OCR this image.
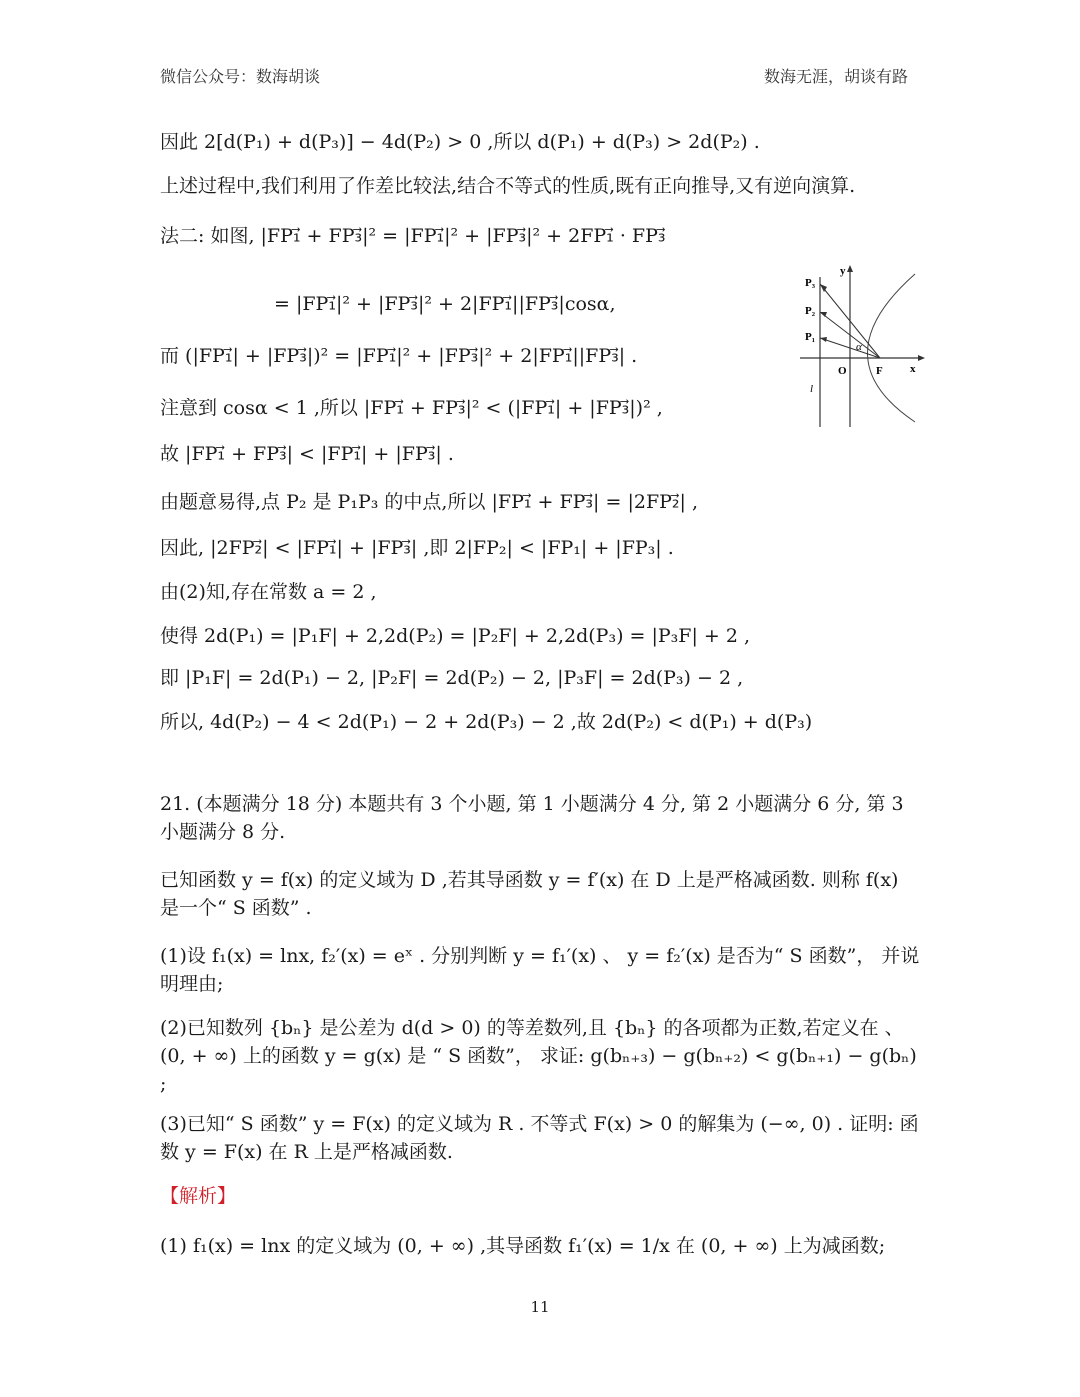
微信公众号：数海胡谈	数海无涯，胡谈有路
因此 2[d(P₁) + d(P₃)] − 4d(P₂) > 0 ,所以 d(P₁) + d(P₃) > 2d(P₂) .
上述过程中,我们利用了作差比较法,结合不等式的性质,既有正向推导,又有逆向演算.
法二: 如图, |FP₁⃗ + FP₃⃗|² = |FP₁⃗|² + |FP₃⃗|² + 2FP₁⃗ · FP₃⃗
= |FP₁⃗|² + |FP₃⃗|² + 2|FP₁⃗||FP₃⃗|cosα,
而 (|FP₁⃗| + |FP₃⃗|)² = |FP₁⃗|² + |FP₃⃗|² + 2|FP₁⃗||FP₃⃗| .
注意到 cosα < 1 ,所以 |FP₁⃗ + FP₃⃗|² < (|FP₁⃗| + |FP₃⃗|)² ,
故 |FP₁⃗ + FP₃⃗| < |FP₁⃗| + |FP₃⃗| .
由题意易得,点 P₂ 是 P₁P₃ 的中点,所以 |FP₁⃗ + FP₃⃗| = |2FP₂⃗| ,
因此, |2FP₂⃗| < |FP₁⃗| + |FP₃⃗| ,即 2|FP₂| < |FP₁| + |FP₃| .
由(2)知,存在常数 a = 2 ,
使得 2d(P₁) = |P₁F| + 2,2d(P₂) = |P₂F| + 2,2d(P₃) = |P₃F| + 2 ,
即 |P₁F| = 2d(P₁) − 2, |P₂F| = 2d(P₂) − 2, |P₃F| = 2d(P₃) − 2 ,
所以, 4d(P₂) − 4 < 2d(P₁) − 2 + 2d(P₃) − 2 ,故 2d(P₂) < d(P₁) + d(P₃)
P₃
P₂
P₁
y
α
O	F x
l
21. (本题满分 18 分) 本题共有 3 个小题, 第 1 小题满分 4 分, 第 2 小题满分 6 分, 第 3 小题满分 8 分.
已知函数 y = f(x) 的定义域为 D ,若其导函数 y = f′(x) 在 D 上是严格减函数. 则称 f(x) 是一个“ S 函数” .
(1)设 f₁(x) = lnx, f₂′(x) = eˣ . 分别判断 y = f₁′(x) 、 y = f₂′(x) 是否为“ S 函数”， 并说明理由;
(2)已知数列 {bₙ} 是公差为 d(d > 0) 的等差数列,且 {bₙ} 的各项都为正数,若定义在 、(0, + ∞) 上的函数 y = g(x) 是 “ S 函数”， 求证: g(bₙ₊₃) − g(bₙ₊₂) < g(bₙ₊₁) − g(bₙ) ;
(3)已知“ S 函数” y = F(x) 的定义域为 R . 不等式 F(x) > 0 的解集为 (−∞, 0) . 证明: 函数 y = F(x) 在 R 上是严格减函数.
【解析】
(1) f₁(x) = lnx 的定义域为 (0, + ∞) ,其导函数 f₁′(x) = 1/x 在 (0, + ∞) 上为减函数;
11
